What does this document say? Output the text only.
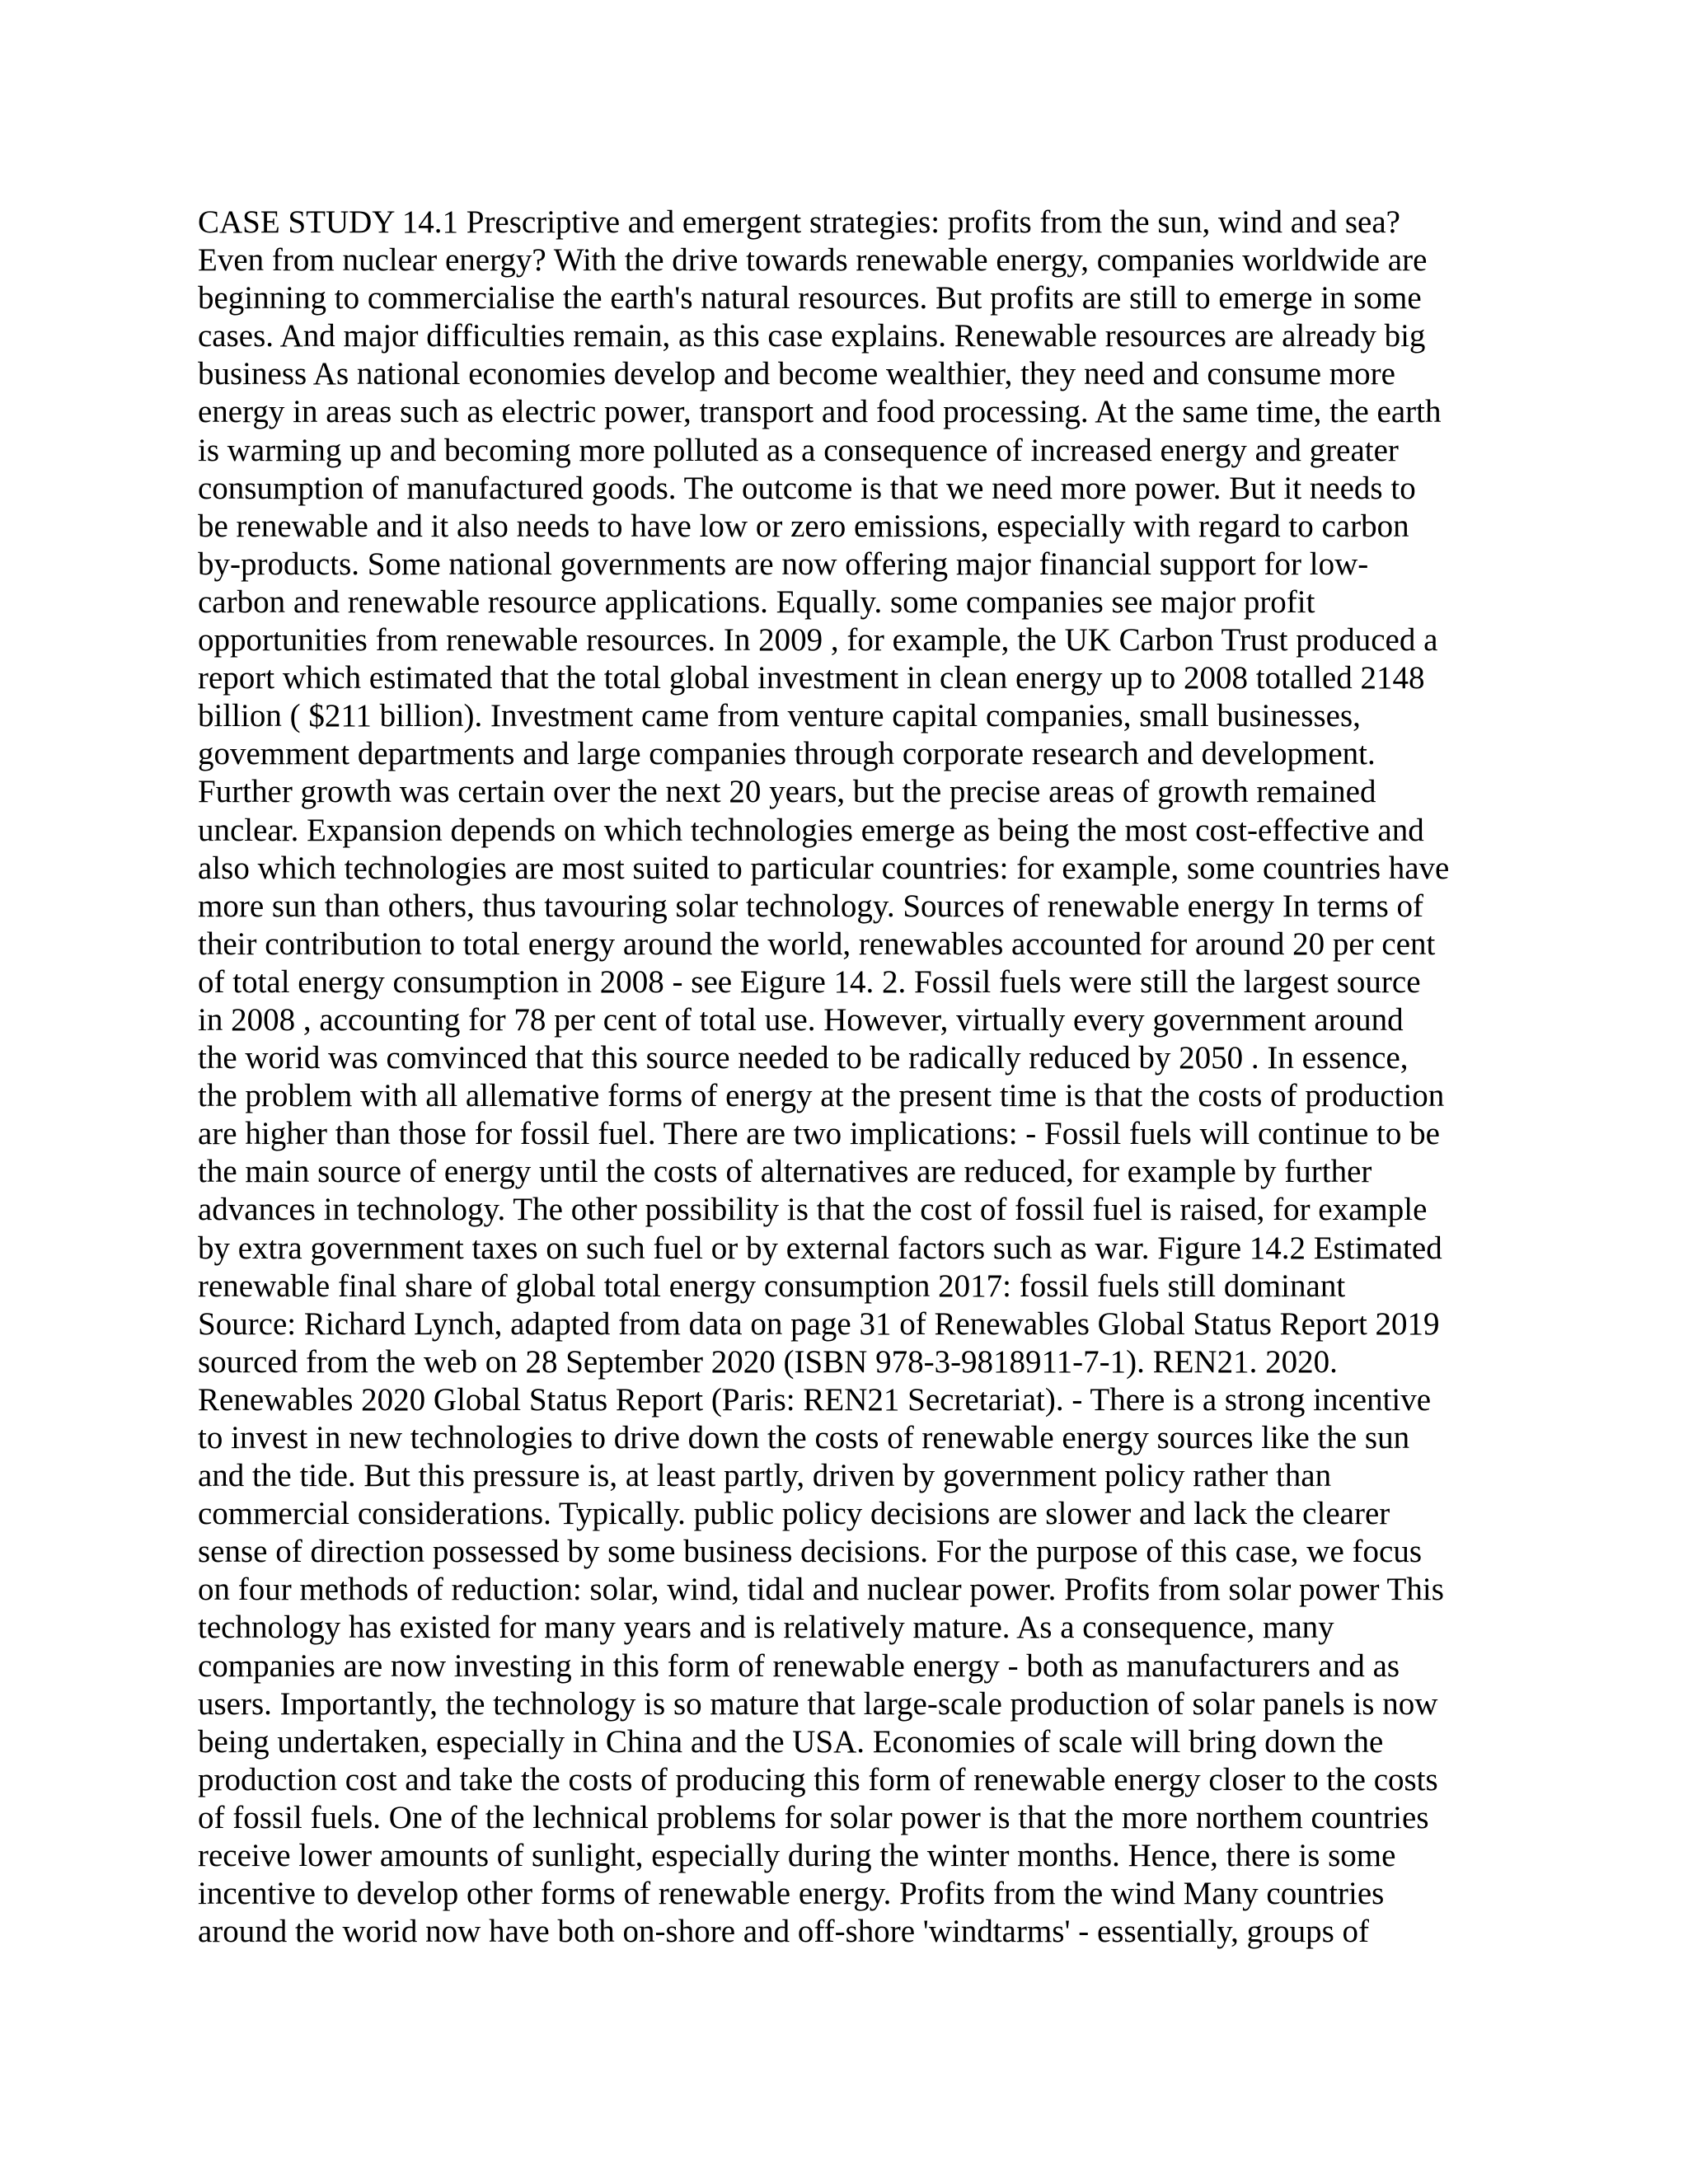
CASE STUDY 14.1 Prescriptive and emergent strategies: profits from the sun, wind and sea?
Even from nuclear energy? With the drive towards renewable energy, companies worldwide are
beginning to commercialise the earth's natural resources. But profits are still to emerge in some
cases. And major difficulties remain, as this case explains. Renewable resources are already big
business As national economies develop and become wealthier, they need and consume more
energy in areas such as electric power, transport and food processing. At the same time, the earth
is warming up and becoming more polluted as a consequence of increased energy and greater
consumption of manufactured goods. The outcome is that we need more power. But it needs to
be renewable and it also needs to have low or zero emissions, especially with regard to carbon
by-products. Some national governments are now offering major financial support for low-
carbon and renewable resource applications. Equally. some companies see major profit
opportunities from renewable resources. In 2009 , for example, the UK Carbon Trust produced a
report which estimated that the total global investment in clean energy up to 2008 totalled 2148
billion ( $211 billion). Investment came from venture capital companies, small businesses,
govemment departments and large companies through corporate research and development.
Further growth was certain over the next 20 years, but the precise areas of growth remained
unclear. Expansion depends on which technologies emerge as being the most cost-effective and
also which technologies are most suited to particular countries: for example, some countries have
more sun than others, thus tavouring solar technology. Sources of renewable energy In terms of
their contribution to total energy around the world, renewables accounted for around 20 per cent
of total energy consumption in 2008 - see Eigure 14. 2. Fossil fuels were still the largest source
in 2008 , accounting for 78 per cent of total use. However, virtually every government around
the worid was comvinced that this source needed to be radically reduced by 2050 . In essence,
the problem with all allemative forms of energy at the present time is that the costs of production
are higher than those for fossil fuel. There are two implications: - Fossil fuels will continue to be
the main source of energy until the costs of alternatives are reduced, for example by further
advances in technology. The other possibility is that the cost of fossil fuel is raised, for example
by extra government taxes on such fuel or by external factors such as war. Figure 14.2 Estimated
renewable final share of global total energy consumption 2017: fossil fuels still dominant
Source: Richard Lynch, adapted from data on page 31 of Renewables Global Status Report 2019
sourced from the web on 28 September 2020 (ISBN 978-3-9818911-7-1). REN21. 2020.
Renewables 2020 Global Status Report (Paris: REN21 Secretariat). - There is a strong incentive
to invest in new technologies to drive down the costs of renewable energy sources like the sun
and the tide. But this pressure is, at least partly, driven by government policy rather than
commercial considerations. Typically. public policy decisions are slower and lack the clearer
sense of direction possessed by some business decisions. For the purpose of this case, we focus
on four methods of reduction: solar, wind, tidal and nuclear power. Profits from solar power This
technology has existed for many years and is relatively mature. As a consequence, many
companies are now investing in this form of renewable energy - both as manufacturers and as
users. Importantly, the technology is so mature that large-scale production of solar panels is now
being undertaken, especially in China and the USA. Economies of scale will bring down the
production cost and take the costs of producing this form of renewable energy closer to the costs
of fossil fuels. One of the lechnical problems for solar power is that the more northem countries
receive lower amounts of sunlight, especially during the winter months. Hence, there is some
incentive to develop other forms of renewable energy. Profits from the wind Many countries
around the worid now have both on-shore and off-shore 'windtarms' - essentially, groups of
